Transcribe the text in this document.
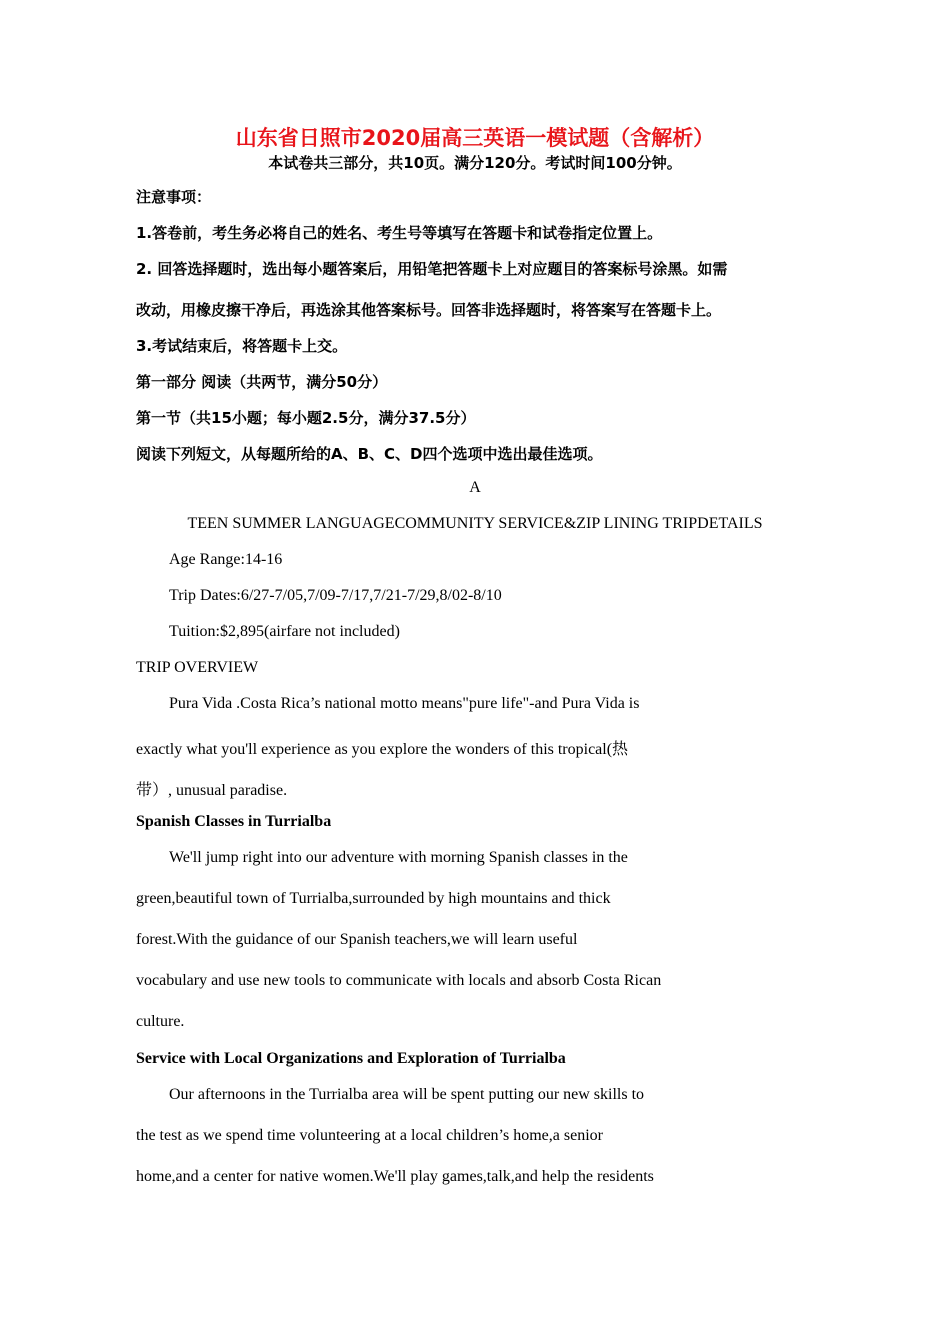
山东省日照市2020届高三英语一模试题（含解析）

本试卷共三部分，共10页。满分120分。考试时间100分钟。

注意事项：

1.答卷前，考生务必将自己的姓名、考生号等填写在答题卡和试卷指定位置上。

2. 回答选择题时，选出每小题答案后，用铅笔把答题卡上对应题目的答案标号涂黑。如需

改动，用橡皮擦干净后，再选涂其他答案标号。回答非选择题时，将答案写在答题卡上。

3.考试结束后，将答题卡上交。

第一部分 阅读（共两节，满分50分）

第一节（共15小题；每小题2.5分，满分37.5分）

阅读下列短文，从每题所给的A、B、C、D四个选项中选出最佳选项。

A

TEEN SUMMER LANGUAGECOMMUNITY SERVICE&ZIP LINING TRIPDETAILS

Age Range:14-16

Trip Dates:6/27-7/05,7/09-7/17,7/21-7/29,8/02-8/10

Tuition:$2,895(airfare not included)

TRIP OVERVIEW

Pura Vida .Costa Rica’s national motto means"pure life"-and Pura Vida is

exactly what you'll experience as you explore the wonders of this tropical(热

带）, unusual paradise.

Spanish Classes in Turrialba

We'll jump right into our adventure with morning Spanish classes in the

green,beautiful town of Turrialba,surrounded by high mountains and thick

forest.With the guidance of our Spanish teachers,we will learn useful

vocabulary and use new tools to communicate with locals and absorb Costa Rican

culture.

Service with Local Organizations and Exploration of Turrialba

Our afternoons in the Turrialba area will be spent putting our new skills to

the test as we spend time volunteering at a local children’s home,a senior

home,and a center for native women.We'll play games,talk,and help the residents
